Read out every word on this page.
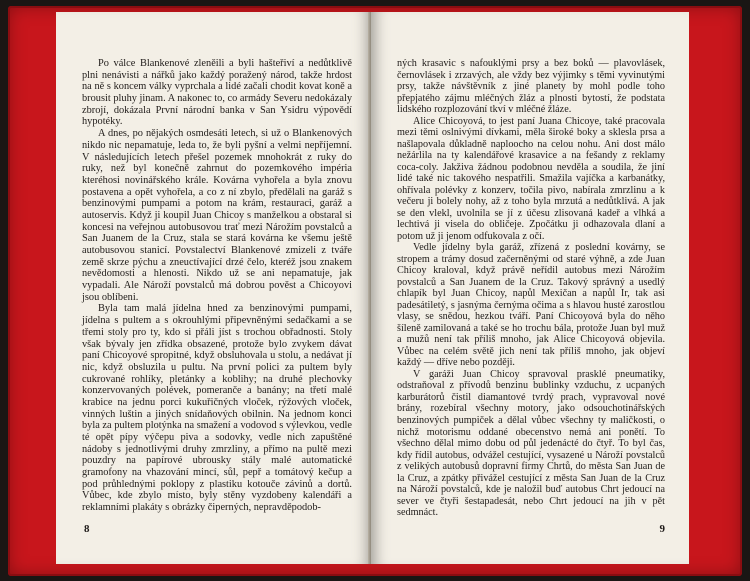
Po válce Blankenové zleněili a byli hašteřiví a nedůtklivě plni nenávisti a nářků jako každý poražený národ, takže hrdost na ně s koncem války vyprchala a lidé začali chodit kovat koně a brousit pluhy jinam. A nakonec to, co armády Severu nedokázaly zbrojí, dokázala První národní banka v San Ysidru výpovědí hypotéky.

A dnes, po nějakých osmdesáti letech, si už o Blankenových nikdo nic nepamatuje, leda to, že byli pyšní a velmi nepříjemní. V následujících letech přešel pozemek mnohokrát z ruky do ruky, než byl konečně zahrnut do pozemkového impéria kteréhosi novinářského krále. Kovárna vyhořela a byla znovu postavena a opět vyhořela, a co z ní zbylo, předělali na garáž s benzinovými pumpami a potom na krám, restauraci, garáž a autoservis. Když ji koupil Juan Chicoy s manželkou a obstaral si koncesi na veřejnou autobusovou trať mezi Nárožím povstalců a San Juanem de la Cruz, stala se stará kovárna ke všemu ještě autobusovou stanicí. Povstalectví Blankenové zmizeli z tváře země skrze pýchu a zneuctívající drzé čelo, kteréž jsou znakem nevědomosti a hlenosti. Nikdo už se ani nepamatuje, jak vypadali. Ale Nároží povstalců má dobrou pověst a Chicoyovi jsou oblíbeni.

Byla tam malá jídelna hned za benzinovými pumpami, jídelna s pultem a s okrouhlými připevněnými sedačkami a se třemi stoly pro ty, kdo si přáli jíst s trochou obřadnosti. Stoly však bývaly jen zřídka obsazené, protože bylo zvykem dávat paní Chicoyové spropitné, když obsluhovala u stolu, a nedávat jí nic, když obsluzila u pultu. Na první polici za pultem byly cukrované rohlíky, pletánky a koblihy; na druhé plechovky konzervovaných polévek, pomeranče a banány; na třetí malé krabice na jednu porci kukuřičných vloček, rýžových vloček, vinných luštin a jiných snídaňových obilnin. Na jednom konci byla za pultem plotýnka na smažení a vodovod s výlevkou, vedle té opět pípy výčepu piva a sodovky, vedle nich zapuštěné nádoby s jednotlivými druhy zmrzliny, a přímo na pultě mezi pouzdry na papírové ubrousky stály malé automatické gramofony na vhazování mincí, sůl, pepř a tomátový kečup a pod průhlednými poklopy z plastiku kotouče závinů a dortů. Vůbec, kde zbylo místo, byly stěny vyzdobeny kalendáři a reklamními plakáty s obrázky čiperných, nepravděpodob-

8

ných krasavic s nafouklými prsy a bez boků — plavovlásek, černovlásek i zrzavých, ale vždy bez výjimky s těmi vyvinutými prsy, takže návštěvník z jiné planety by mohl podle toho přepjatého zájmu mléčných žláz a plnosti bytostí, že podstata lidského rozplozování tkví v mléčné žláze.

Alice Chicoyová, to jest paní Juana Chicoye, také pracovala mezi těmi oslnivými dívkami, měla široké boky a sklesla prsa a našlapovala důkladně naploocho na celou nohu. Ani dost málo nežárlila na ty kalendářové krasavice a na fešandy z reklamy coca-coly. Jakživa žádnou podobnou nevděla a soudila, že jiní lidé také nic takového nespatřili. Smažila vajíčka a karbanátky, ohřívala polévky z konzerv, točila pivo, nabírala zmrzlinu a k večeru ji bolely nohy, až z toho byla mrzutá a nedůtklivá. A jak se den vlekl, uvolnila se jí z účesu zlisovaná kadeř a vlhká a lechtivá ji visela do obličeje. Zpočátku ji odhazovala dlaní a potom už ji jenom odfukovala z očí.

Vedle jídelny byla garáž, zřízená z poslední kovárny, se stropem a trámy dosud začerněnými od staré výhně, a zde Juan Chicoy kraloval, když právě neřídil autobus mezi Nárožím povstalců a San Juanem de la Cruz. Takový správný a usedlý chlapík byl Juan Chicoy, napůl Mexičan a napůl Ir, tak asi padesátiletý, s jasnýma černýma očima a s hlavou husté zarostlou vlasy, se snědou, hezkou tváří. Paní Chicoyová byla do něho šíleně zamilovaná a také se ho trochu bála, protože Juan byl muž a mužů není tak příliš mnoho, jak Alice Chicoyová objevila. Vůbec na celém světě jich není tak příliš mnoho, jak objeví každý — dříve nebo později.

V garáži Juan Chicoy spravoval prasklé pneumatiky, odstraňoval z přívodů benzinu bublinky vzduchu, z ucpaných karburátorů čistil diamantové tvrdý prach, vypravoval nové brány, rozebíral všechny motory, jako odsouchotinářských benzinových pumpiček a dělal vůbec všechny ty maličkosti, o nichž motorismu oddané obecenstvo nemá ani ponětí. To všechno dělal mimo dobu od půl jedenácté do čtyř. To byl čas, kdy řídil autobus, odvážel cestující, vysazené u Nároží povstalců z velikých autobusů dopravní firmy Chrtů, do města San Juan de la Cruz, a zpátky přivážel cestující z města San Juan de la Cruz na Nároží povstalců, kde je naložil buď autobus Chrt jedoucí na sever ve čtyři šestapadesát, nebo Chrt jedoucí na jih v pět sedmnáct.

9
